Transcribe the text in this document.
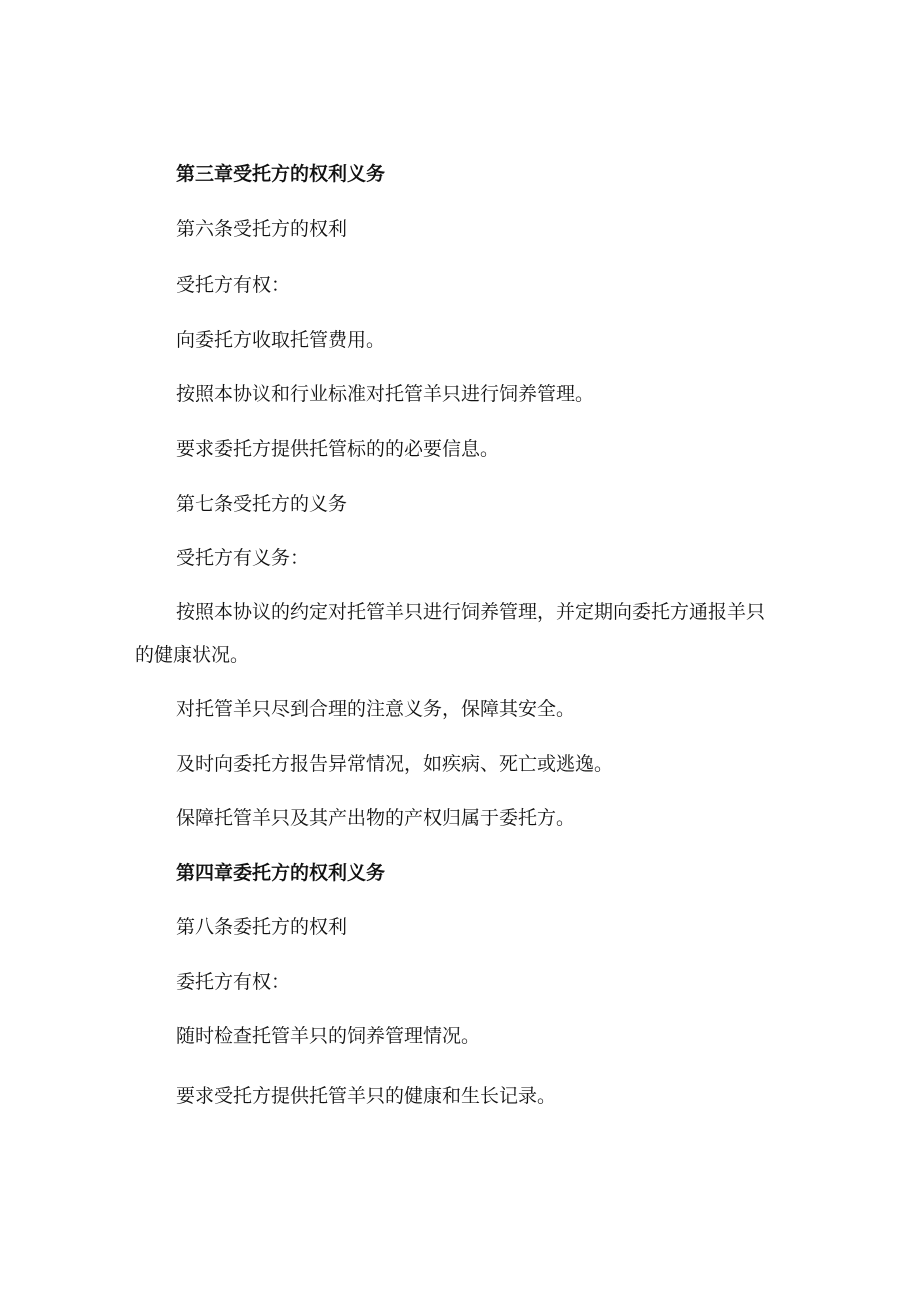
第三章受托方的权利义务
第六条受托方的权利
受托方有权：
向委托方收取托管费用。
按照本协议和行业标准对托管羊只进行饲养管理。
要求委托方提供托管标的的必要信息。
第七条受托方的义务
受托方有义务：
按照本协议的约定对托管羊只进行饲养管理，并定期向委托方通报羊只的健康状况。
对托管羊只尽到合理的注意义务，保障其安全。
及时向委托方报告异常情况，如疾病、死亡或逃逸。
保障托管羊只及其产出物的产权归属于委托方。
第四章委托方的权利义务
第八条委托方的权利
委托方有权：
随时检查托管羊只的饲养管理情况。
要求受托方提供托管羊只的健康和生长记录。
